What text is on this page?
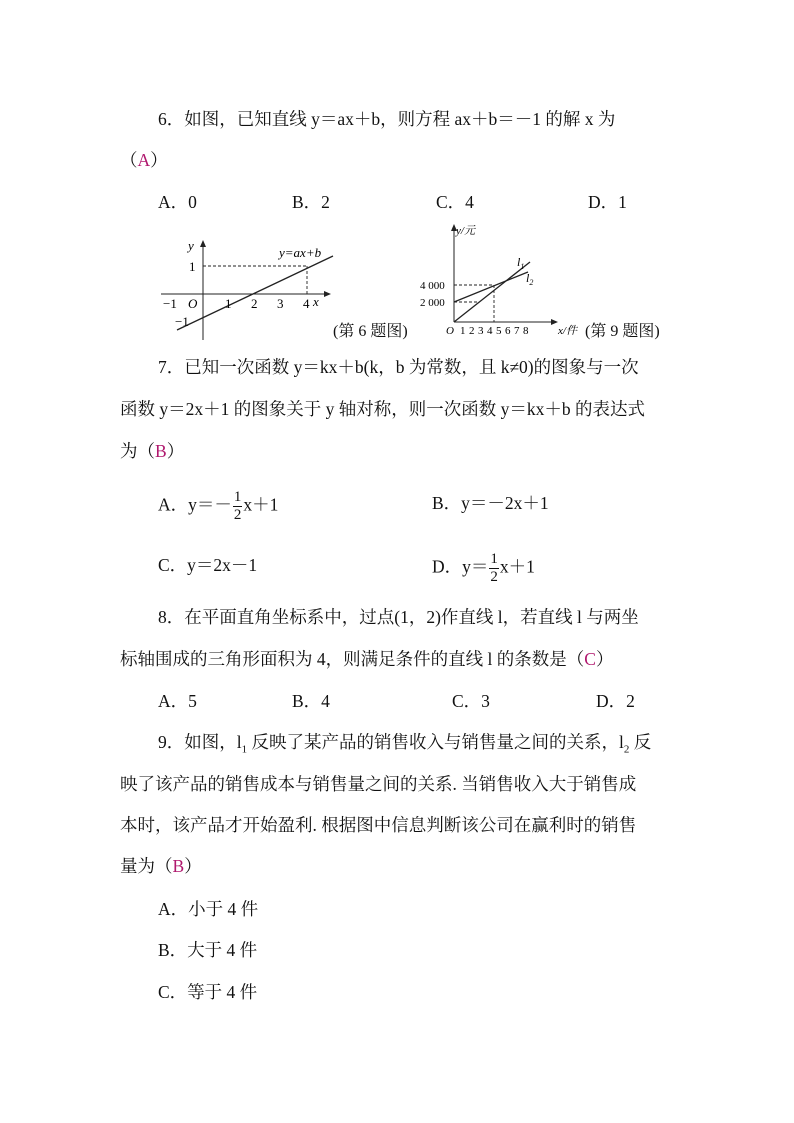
6．如图，已知直线 y＝ax＋b，则方程 ax＋b＝－1 的解 x 为
（A）
A．0	B．2	C．4	D．1
y
x
y=ax+b
−1 O 1 2 3 4
1
−1
(第 6 题图)
y/元
x/件
$l_1$
$l_2$
4 000
2 000
O 1 2 3 4 5 6 7 8	(第 9 题图)
7．已知一次函数 y＝kx＋b(k，b 为常数，且 k≠0)的图象与一次
函数 y＝2x＋1 的图象关于 y 轴对称，则一次函数 y＝kx＋b 的表达式
为（B）
A．$y=- \frac{1}{2} x+1$	B．y＝－2x＋1
C．y＝2x－1	D．$y= \frac{1}{2} x+1$
8．在平面直角坐标系中，过点(1，2)作直线 l，若直线 l 与两坐
标轴围成的三角形面积为 4，则满足条件的直线 l 的条数是（C）
A．5	B．4	C．3	D．2
9．如图，$l_1$ 反映了某产品的销售收入与销售量之间的关系，$l_2$ 反
映了该产品的销售成本与销售量之间的关系. 当销售收入大于销售成
本时，该产品才开始盈利. 根据图中信息判断该公司在赢利时的销售
量为（B）
A．小于 4 件
B．大于 4 件
C．等于 4 件
